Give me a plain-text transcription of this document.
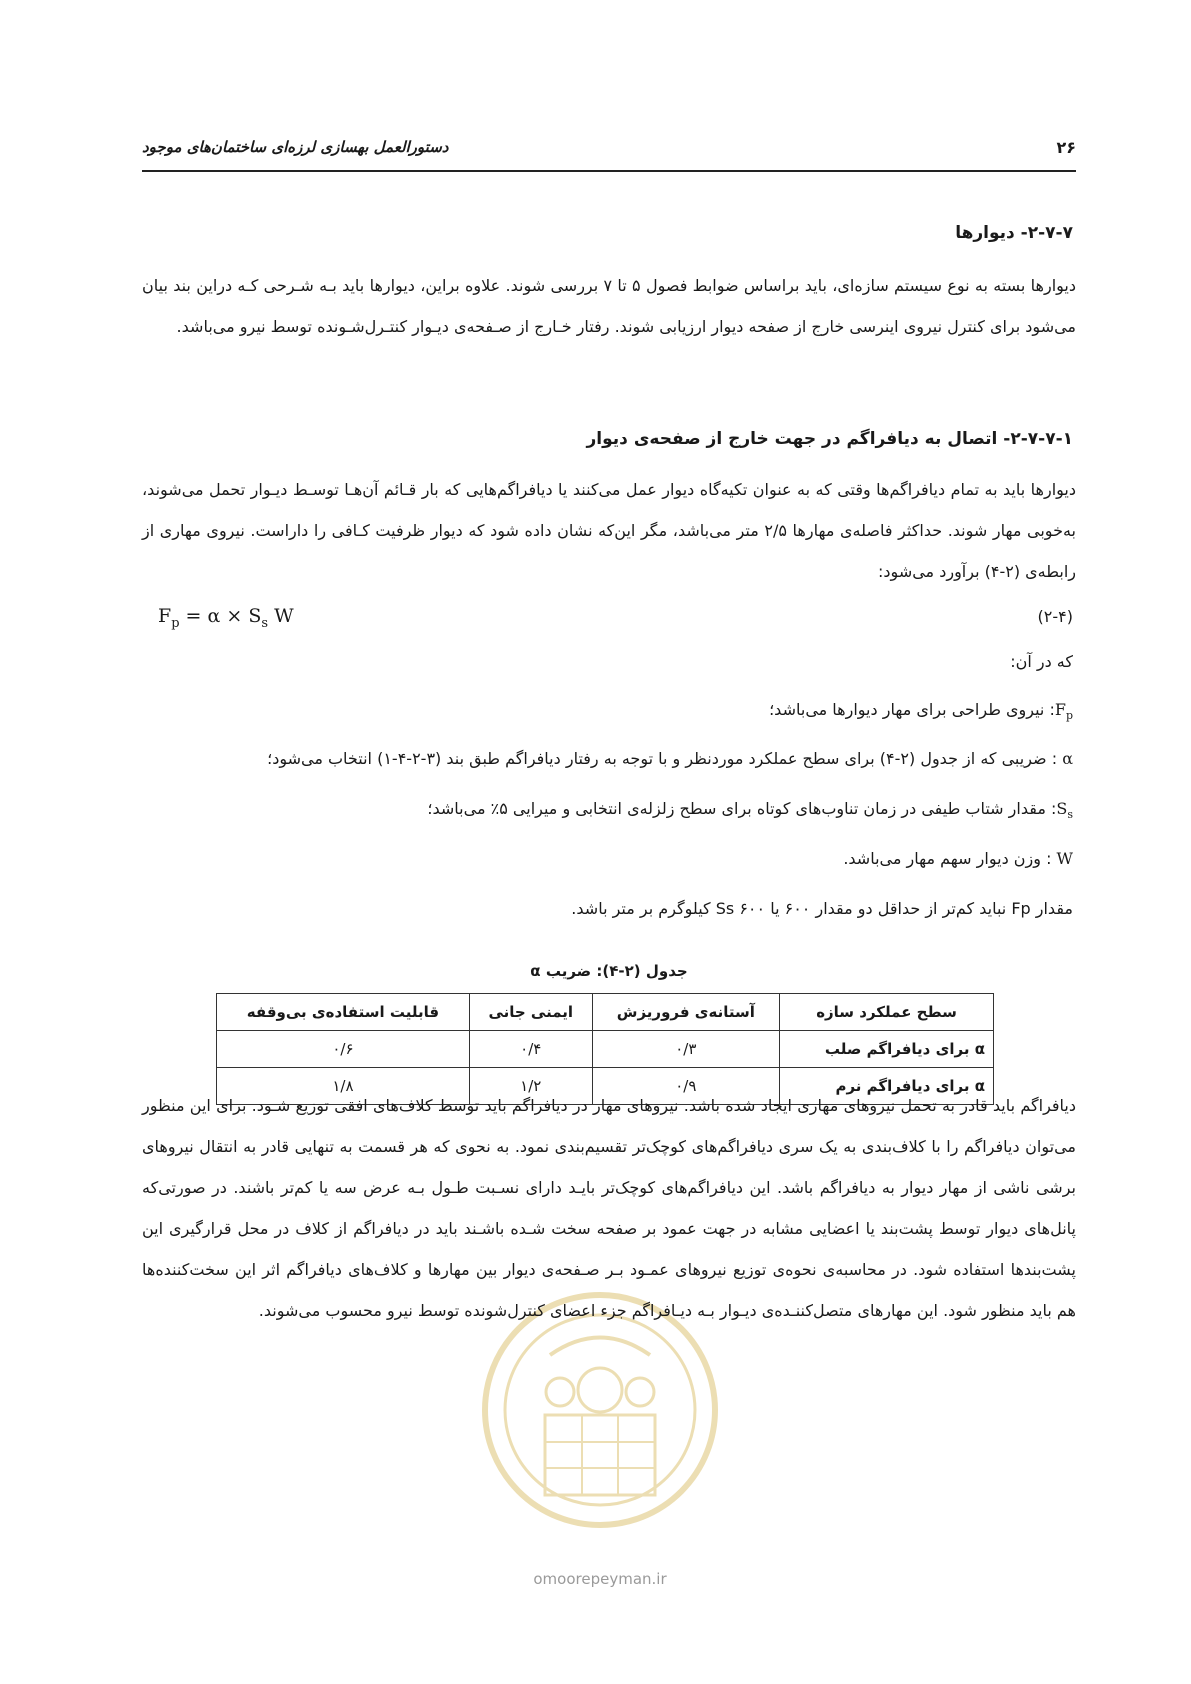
دستورالعمل بهسازی لرزه‌ای ساختمان‌های موجود	۲۶
۲-۷-۷- دیوارها
دیوارها بسته به نوع سیستم سازه‌ای، باید براساس ضوابط فصول ۵ تا ۷ بررسی شوند. علاوه براین، دیوارها باید بـه شـرحی کـه دراین بند بیان می‌شود برای کنترل نیروی اینرسی خارج از صفحه دیوار ارزیابی شوند. رفتار خـارج از صـفحه‌ی دیـوار کنتـرل‌شـونده توسط نیرو می‌باشد.
۲-۷-۷-۱- اتصال به دیافراگم در جهت خارج از صفحه‌ی دیوار
دیوارها باید به تمام دیافراگم‌ها وقتی که به عنوان تکیه‌گاه دیوار عمل می‌کنند یا دیافراگم‌هایی که بار قـائم آن‌هـا توسـط دیـوار تحمل می‌شوند، به‌خوبی مهار شوند. حداکثر فاصله‌ی مهارها ۲/۵ متر می‌باشد، مگر این‌که نشان داده شود که دیوار ظرفیت کـافی را داراست. نیروی مهاری از رابطه‌ی (۲-۴) برآورد می‌شود:
$F_p = \alpha \times S_s$ W	(۲-۴)
که در آن:
$F_p$: نیروی طراحی برای مهار دیوارها می‌باشد؛
α : ضریبی که از جدول (۲-۴) برای سطح عملکرد موردنظر و با توجه به رفتار دیافراگم طبق بند (۳-۲-۴-۱) انتخاب می‌شود؛
$S_s$: مقدار شتاب طیفی در زمان تناوب‌های کوتاه برای سطح زلزله‌ی انتخابی و میرایی ۵٪ می‌باشد؛
W : وزن دیوار سهم مهار می‌باشد.
مقدار Fp نباید کم‌تر از حداقل دو مقدار ۶۰۰ یا ۶۰۰ Ss کیلوگرم بر متر باشد.
جدول (۲-۴): ضریب α
سطح عملکرد سازه	آستانه‌ی فروریزش	ایمنی جانی	قابلیت استفاده‌ی بی‌وقفه
α برای دیافراگم صلب	۰/۳	۰/۴	۰/۶
α برای دیافراگم نرم	۰/۹	۱/۲	۱/۸
omoorepeyman.ir
دیافراگم باید قادر به تحمل نیروهای مهاری ایجاد شده باشد. نیروهای مهار در دیافراگم باید توسط کلاف‌های افقی توزیع شـود. برای این منظور می‌توان دیافراگم را با کلاف‌بندی به یک سری دیافراگم‌های کوچک‌تر تقسیم‌بندی نمود. به نحوی که هر قسمت به تنهایی قادر به انتقال نیروهای برشی ناشی از مهار دیوار به دیافراگم باشد. این دیافراگم‌های کوچک‌تر بایـد دارای نسـبت طـول بـه عرض سه یا کم‌تر باشند. در صورتی‌که پانل‌های دیوار توسط پشت‌بند یا اعضایی مشابه در جهت عمود بر صفحه سخت شـده باشـند باید در دیافراگم از کلاف در محل قرارگیری این پشت‌بندها استفاده شود. در محاسبه‌ی نحوه‌ی توزیع نیروهای عمـود بـر صـفحه‌ی دیوار بین مهارها و کلاف‌های دیافراگم اثر این سخت‌کننده‌ها هم باید منظور شود. این مهارهای متصل‌کننـده‌ی دیـوار بـه دیـافراگم جزء اعضای کنترل‌شونده توسط نیرو محسوب می‌شوند.
